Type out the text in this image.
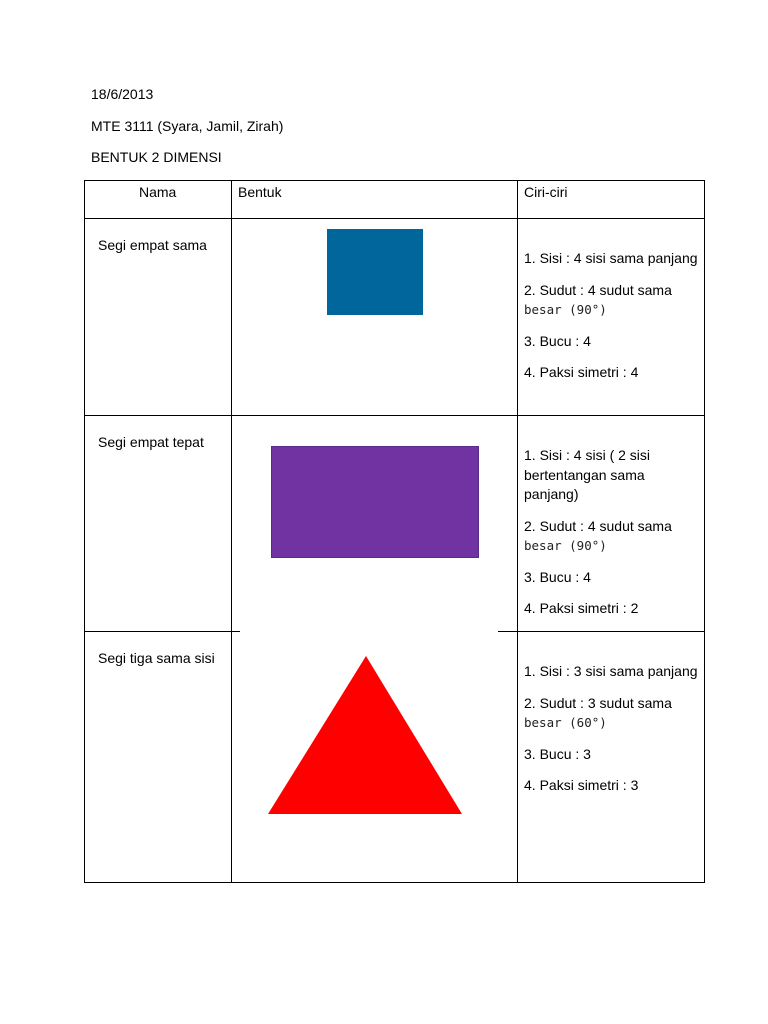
18/6/2013

MTE 3111 (Syara, Jamil, Zirah)

BENTUK 2 DIMENSI

Nama	Bentuk	Ciri-ciri

Segi empat sama		1. Sisi : 4 sisi sama panjang

2. Sudut : 4 sudut sama
besar (90°)

3. Bucu : 4

4. Paksi simetri : 4

Segi empat tepat		1. Sisi : 4 sisi ( 2 sisi bertentangan sama panjang)

2. Sudut : 4 sudut sama
besar (90°)

3. Bucu : 4

4. Paksi simetri : 2

Segi tiga sama sisi		1. Sisi : 3 sisi sama panjang

2. Sudut : 3 sudut sama
besar (60°)

3. Bucu : 3

4. Paksi simetri : 3
